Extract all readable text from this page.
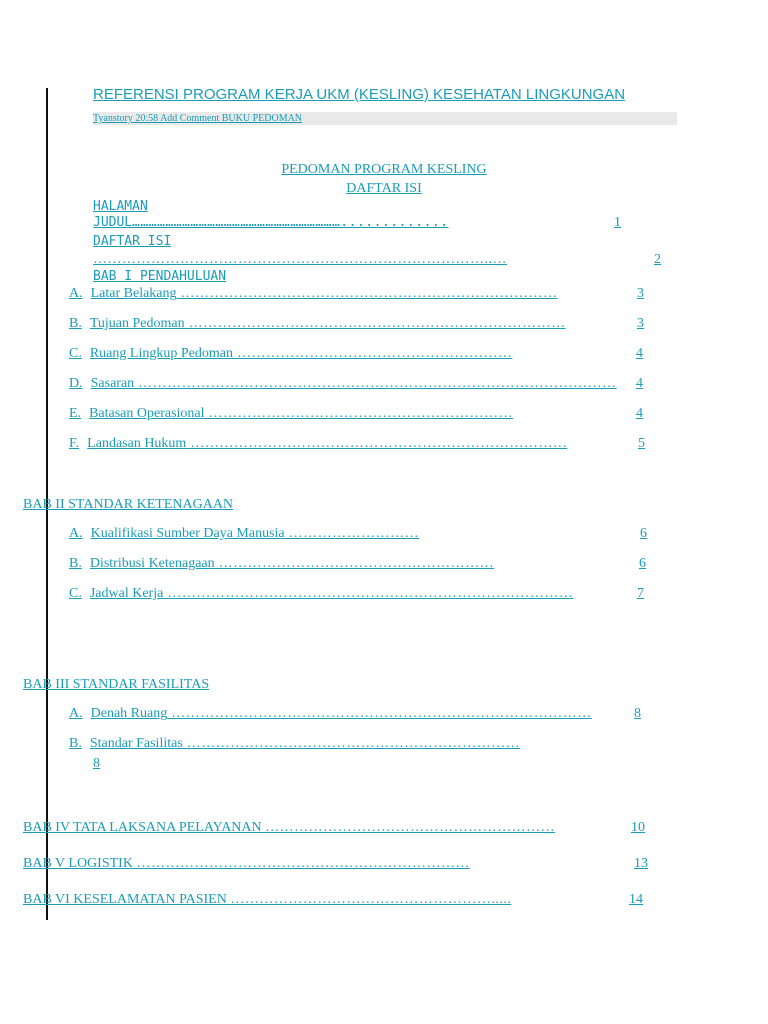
REFERENSI PROGRAM KERJA UKM (KESLING) KESEHATAN LINGKUNGAN
Tyanstory 20:58 Add Comment BUKU PEDOMAN
PEDOMAN PROGRAM KESLING
DAFTAR ISI
HALAMAN
JUDUL………………………………………………………………….............	1
DAFTAR ISI
………………………………………………………………………..…	2
BAB I PENDAHULUAN
A. Latar Belakang ……………………………………………………………………	3
B. Tujuan Pedoman ……………………………………………………………………	3
C. Ruang Lingkup Pedoman …………………………………………………	4
D. Sasaran ……………………………………………………………………………………… 4
E. Batasan Operasional ………………………………………………………	4
F. Landasan Hukum ……………………………………………………………………	5
BAB II STANDAR KETENAGAAN
A. Kualifikasi Sumber Daya Manusia ………………………	6
B. Distribusi Ketenagaan …………………………………………………	6
C. Jadwal Kerja …………………………………………………………………………	7
BAB III STANDAR FASILITAS
A. Denah Ruang ……………………………………………………………………………	8
B. Standar Fasilitas ……………………………………………………………
8
BAB IV TATA LAKSANA PELAYANAN ……………………………………………………	10
BAB V LOGISTIK ……………………………………………………………	13
BAB VI KESELAMATAN PASIEN ……………………………………………….....	14
